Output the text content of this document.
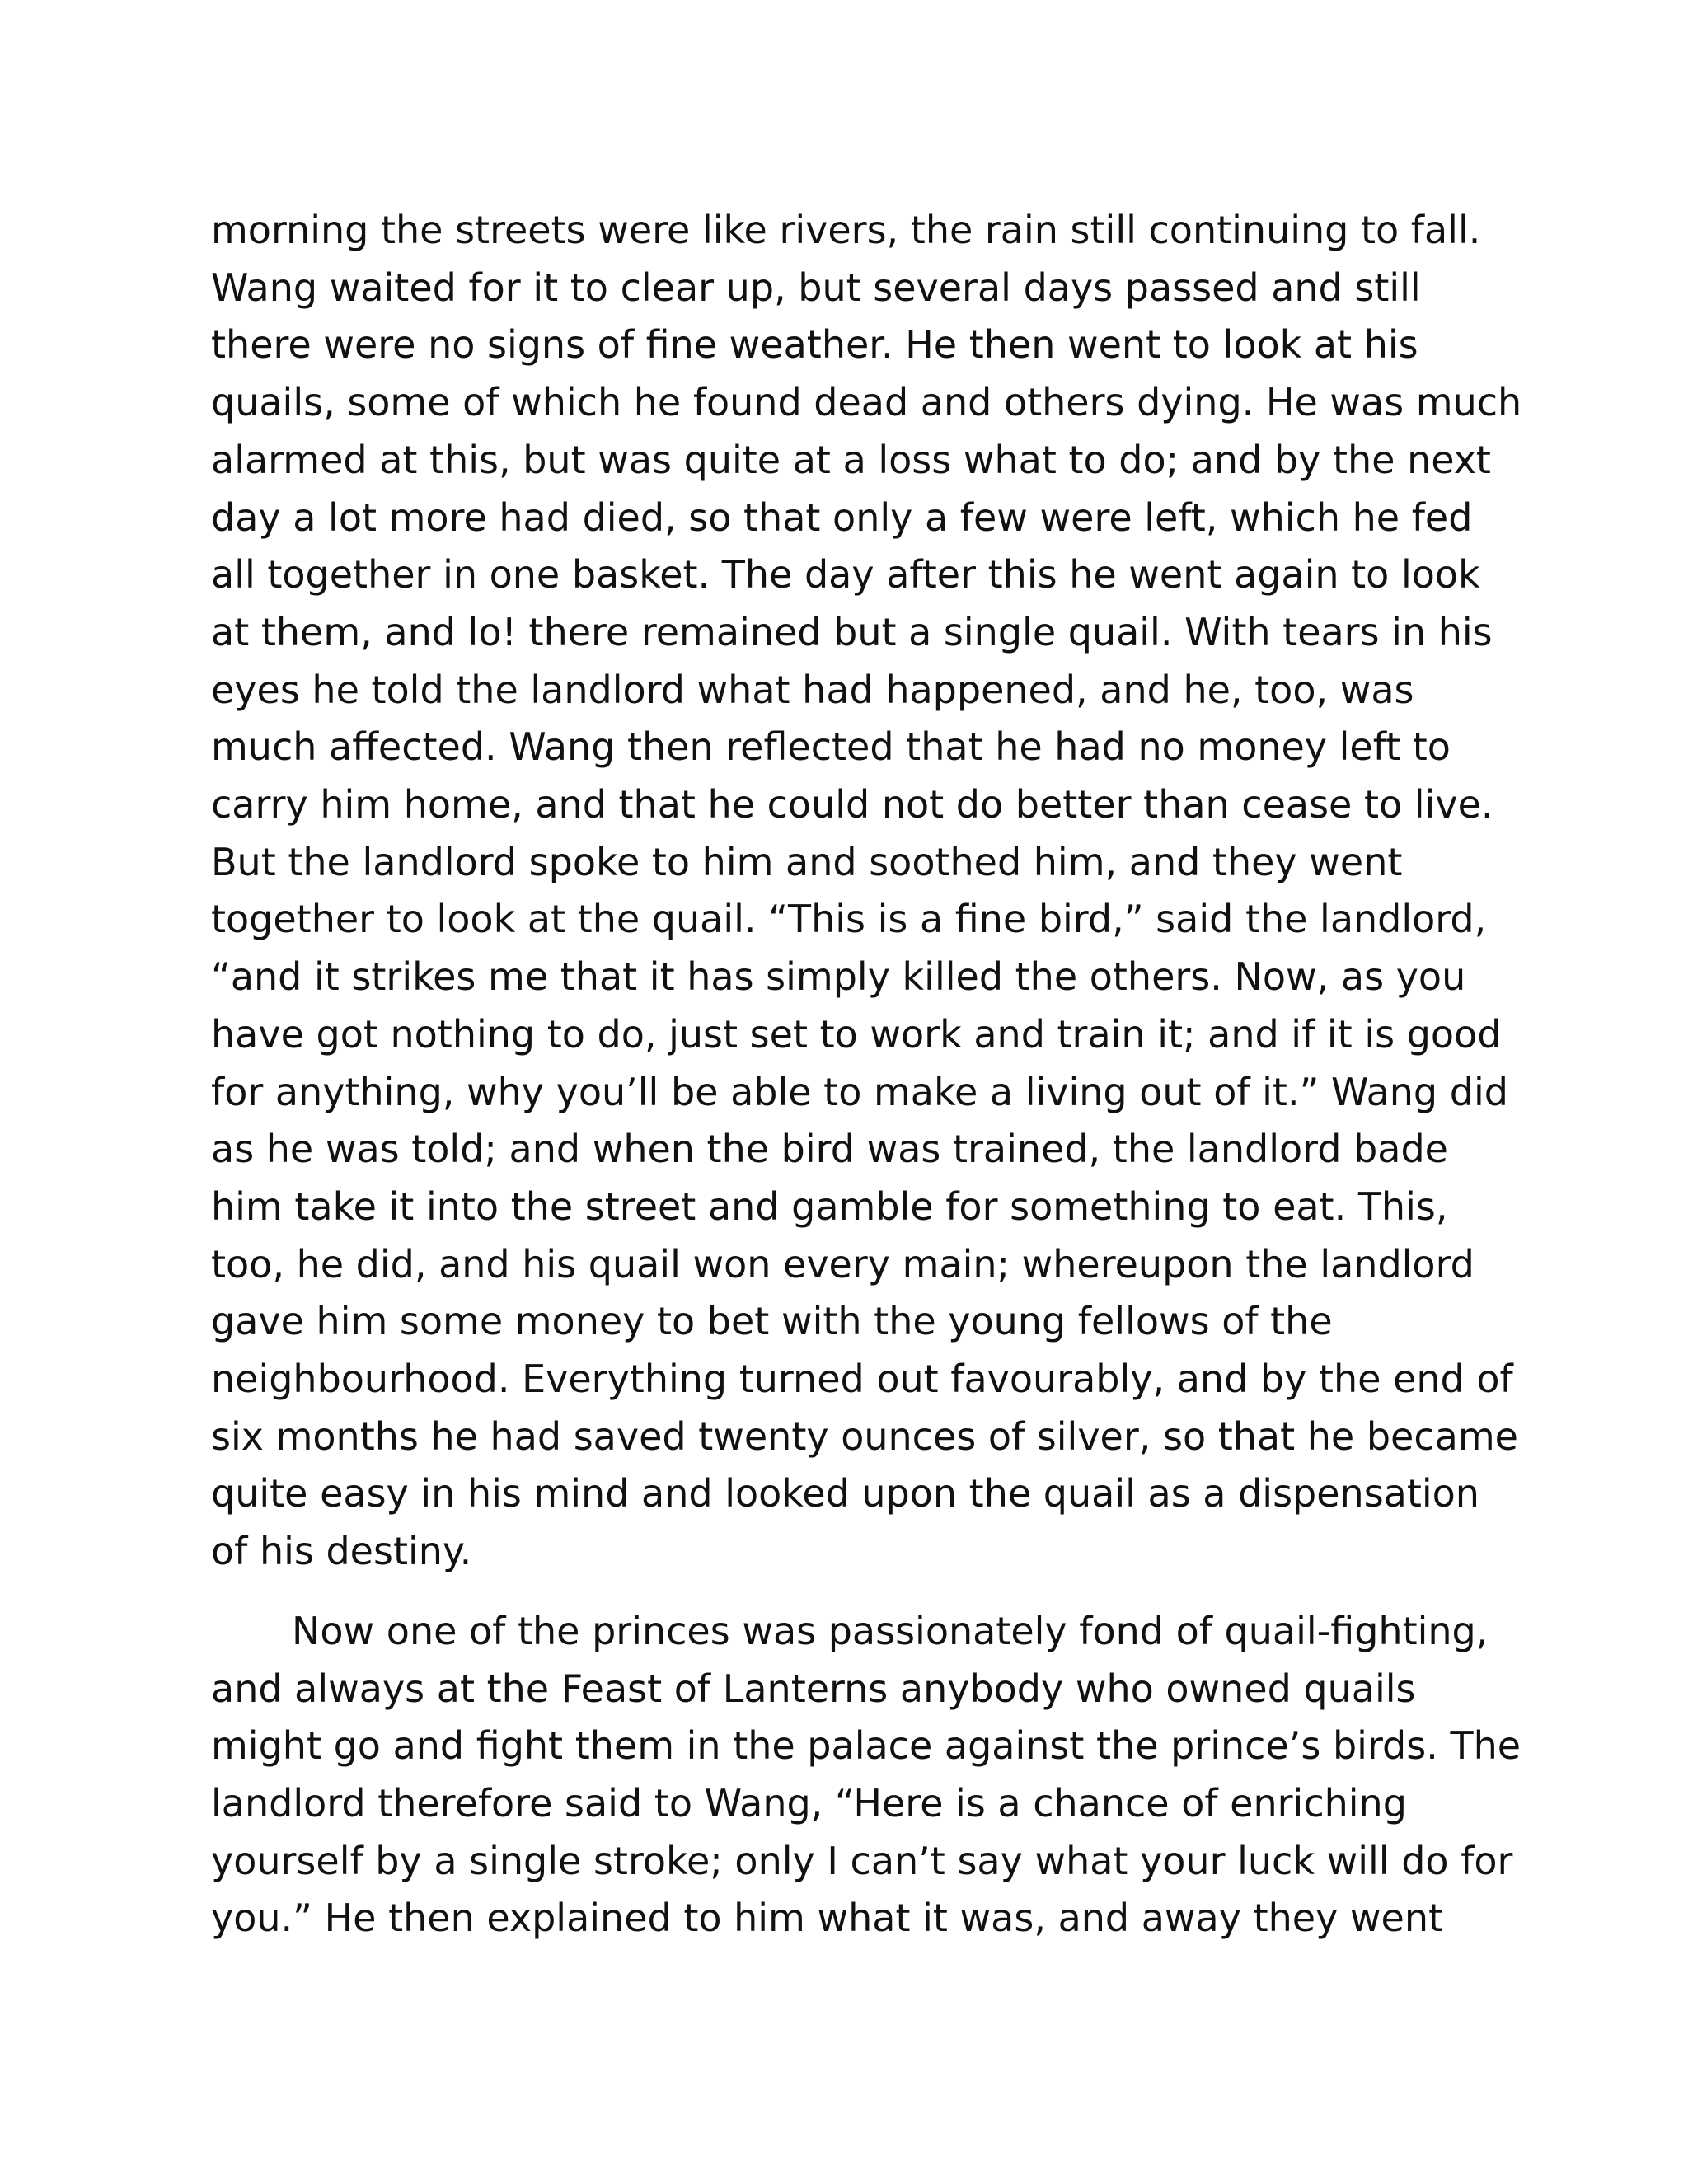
morning the streets were like rivers, the rain still continuing to fall.
Wang waited for it to clear up, but several days passed and still
there were no signs of fine weather. He then went to look at his
quails, some of which he found dead and others dying. He was much
alarmed at this, but was quite at a loss what to do; and by the next
day a lot more had died, so that only a few were left, which he fed
all together in one basket. The day after this he went again to look
at them, and lo! there remained but a single quail. With tears in his
eyes he told the landlord what had happened, and he, too, was
much affected. Wang then reflected that he had no money left to
carry him home, and that he could not do better than cease to live.
But the landlord spoke to him and soothed him, and they went
together to look at the quail. “This is a fine bird,” said the landlord,
“and it strikes me that it has simply killed the others. Now, as you
have got nothing to do, just set to work and train it; and if it is good
for anything, why you’ll be able to make a living out of it.” Wang did
as he was told; and when the bird was trained, the landlord bade
him take it into the street and gamble for something to eat. This,
too, he did, and his quail won every main; whereupon the landlord
gave him some money to bet with the young fellows of the
neighbourhood. Everything turned out favourably, and by the end of
six months he had saved twenty ounces of silver, so that he became
quite easy in his mind and looked upon the quail as a dispensation
of his destiny.
Now one of the princes was passionately fond of quail-fighting,
and always at the Feast of Lanterns anybody who owned quails
might go and fight them in the palace against the prince’s birds. The
landlord therefore said to Wang, “Here is a chance of enriching
yourself by a single stroke; only I can’t say what your luck will do for
you.” He then explained to him what it was, and away they went
